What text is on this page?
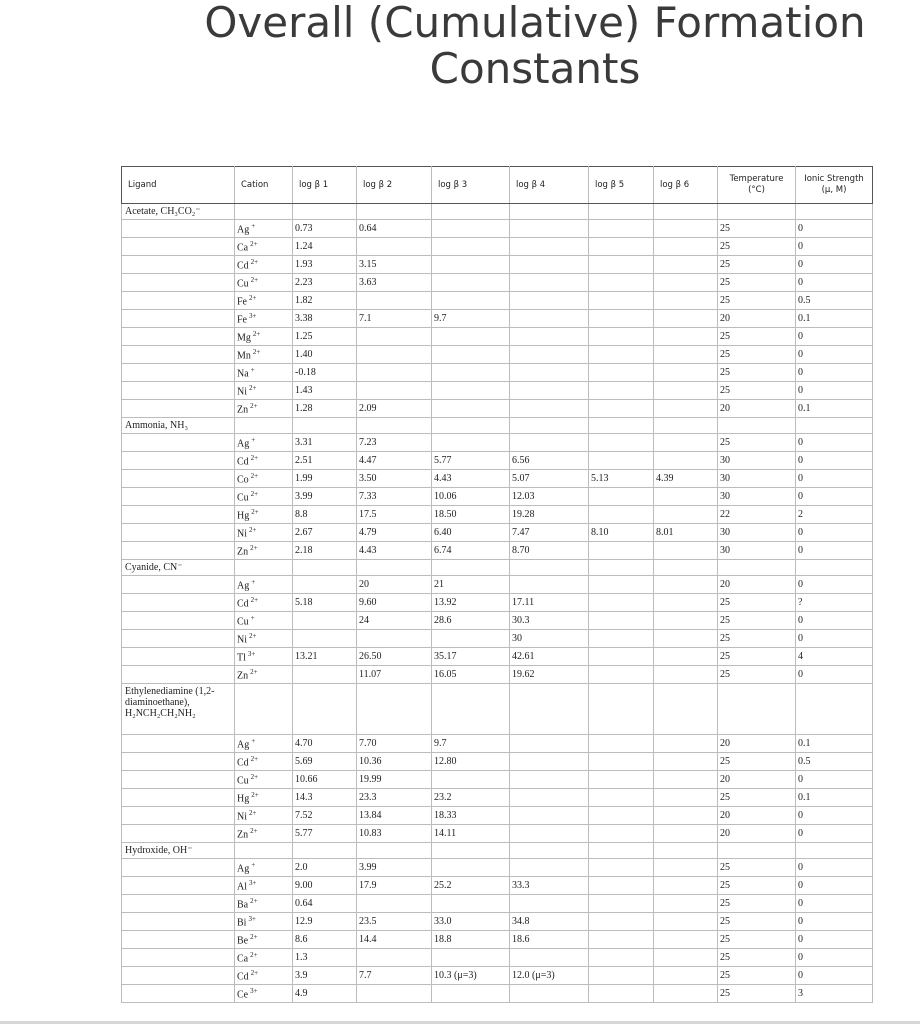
Overall (Cumulative) Formation
Constants
Ligand	Cation	log β 1	log β 2	log β 3	log β 4	log β 5	log β 6	Temperature (°C)	Ionic Strength (μ, M)
Acetate, CH₃CO₂⁻									
	Ag +	0.73	0.64					25	0
	Ca $^{2+}$	1.24						25	0
	Cd $^{2+}$	1.93	3.15					25	0
	Cu $^{2+}$	2.23	3.63					25	0
	Fe $^{2+}$	1.82						25	0.5
	Fe $^{3+}$	3.38	7.1	9.7				20	0.1
	Mg $^{2+}$	1.25						25	0
	Mn $^{2+}$	1.40						25	0
	Na +	-0.18						25	0
	Ni $^{2+}$	1.43						25	0
	Zn $^{2+}$	1.28	2.09					20	0.1
Ammonia, NH₃									
	Ag +	3.31	7.23					25	0
	Cd $^{2+}$	2.51	4.47	5.77	6.56			30	0
	Co $^{2+}$	1.99	3.50	4.43	5.07	5.13	4.39	30	0
	Cu $^{2+}$	3.99	7.33	10.06	12.03			30	0
	Hg $^{2+}$	8.8	17.5	18.50	19.28			22	2
	Ni $^{2+}$	2.67	4.79	6.40	7.47	8.10	8.01	30	0
	Zn $^{2+}$	2.18	4.43	6.74	8.70			30	0
Cyanide, CN⁻									
	Ag +		20	21				20	0
	Cd $^{2+}$	5.18	9.60	13.92	17.11			25	?
	Cu +		24	28.6	30.3			25	0
	Ni $^{2+}$				30			25	0
	Tl $^{3+}$	13.21	26.50	35.17	42.61			25	4
	Zn $^{2+}$		11.07	16.05	19.62			25	0
Ethylenediamine (1,2-diaminoethane), H₂NCH₂CH₂NH₂									
	Ag +	4.70	7.70	9.7				20	0.1
	Cd $^{2+}$	5.69	10.36	12.80				25	0.5
	Cu $^{2+}$	10.66	19.99					20	0
	Hg $^{2+}$	14.3	23.3	23.2				25	0.1
	Ni $^{2+}$	7.52	13.84	18.33				20	0
	Zn $^{2+}$	5.77	10.83	14.11				20	0
Hydroxide, OH⁻									
	Ag +	2.0	3.99					25	0
	Al $^{3+}$	9.00	17.9	25.2	33.3			25	0
	Ba $^{2+}$	0.64						25	0
	Bi $^{3+}$	12.9	23.5	33.0	34.8			25	0
	Be $^{2+}$	8.6	14.4	18.8	18.6			25	0
	Ca $^{2+}$	1.3						25	0
	Cd $^{2+}$	3.9	7.7	10.3 (μ=3)	12.0 (μ=3)			25	0
	Ce $^{3+}$	4.9						25	3
